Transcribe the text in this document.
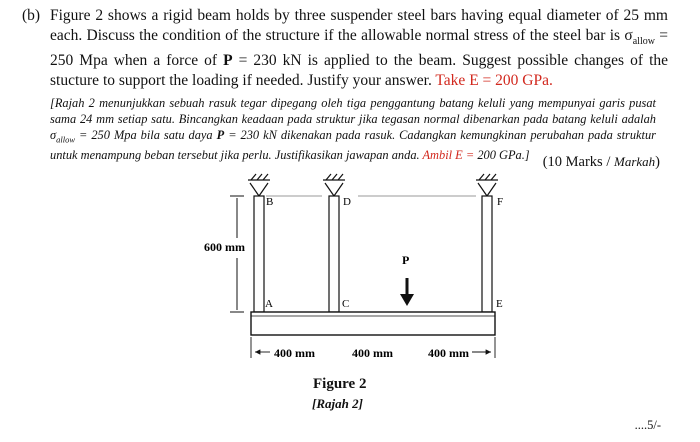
(b) Figure 2 shows a rigid beam holds by three suspender steel bars having equal diameter of 25 mm each. Discuss the condition of the structure if the allowable normal stress of the steel bar is $\sigma_{allow} = 250$ Mpa when a force of P = 230 kN is applied to the beam. Suggest possible changes of the stucture to support the loading if needed. Justify your answer. Take E = 200 GPa.
[Rajah 2 menunjukkan sebuah rasuk tegar dipegang oleh tiga penggantung batang keluli yang mempunyai garis pusat sama 24 mm setiap satu. Bincangkan keadaan pada struktur jika tegasan normal dibenarkan pada batang keluli adalah $\sigma_{allow} = 250$ Mpa bila satu daya P = 230 kN dikenakan pada rasuk. Cadangkan kemungkinan perubahan pada struktur untuk menampung beban tersebut jika perlu. Justifikasikan jawapan anda. Ambil E = 200 GPa.] (10 Marks / Markah)
600 mm
B	D	F
A	C	E
P
400 mm	400 mm	400 mm
Figure 2
[Rajah 2]
....5/-
